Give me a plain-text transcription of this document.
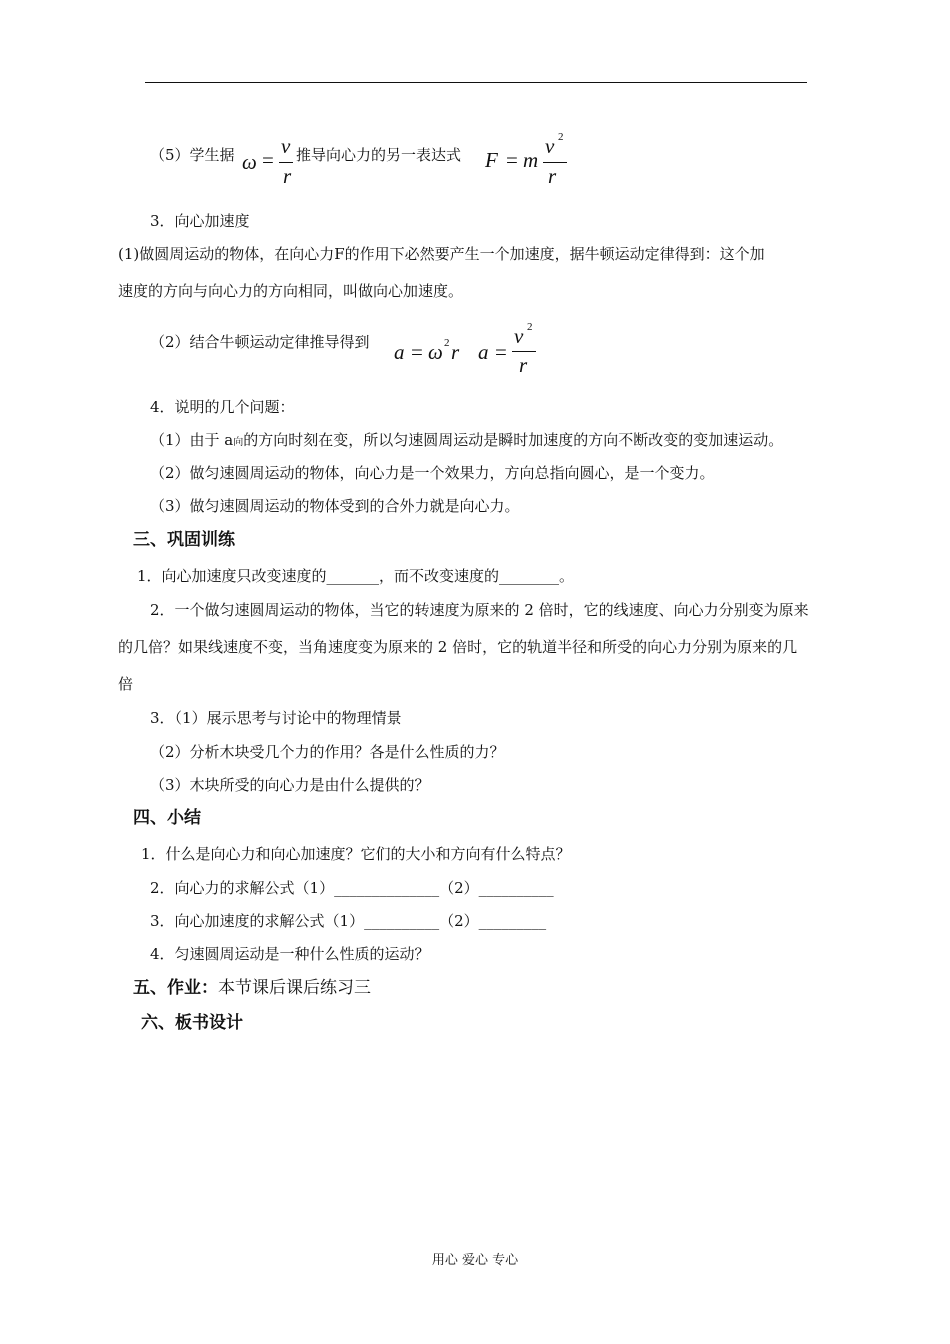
（5）学生据 ω =
v
r
推导向心力的另一表达式 F = m
v 2
r
3．向心加速度
(1)做圆周运动的物体，在向心力F的作用下必然要产生一个加速度，据牛顿运动定律得到：这个加
速度的方向与向心力的方向相同，叫做向心加速度。
（2）结合牛顿运动定律推导得到 a = ω 2 r a =
v 2
r
4．说明的几个问题：
（1）由于 a向的方向时刻在变，所以匀速圆周运动是瞬时加速度的方向不断改变的变加速运动。
（2）做匀速圆周运动的物体，向心力是一个效果力，方向总指向圆心，是一个变力。
（3）做匀速圆周运动的物体受到的合外力就是向心力。
三、巩固训练
1．向心加速度只改变速度的_______，而不改变速度的________。
2．一个做匀速圆周运动的物体，当它的转速度为原来的 2 倍时，它的线速度、向心力分别变为原来
的几倍？如果线速度不变，当角速度变为原来的 2 倍时，它的轨道半径和所受的向心力分别为原来的几
倍
3．（1）展示思考与讨论中的物理情景
（2）分析木块受几个力的作用？各是什么性质的力？
（3）木块所受的向心力是由什么提供的？
四、小结
1．什么是向心力和向心加速度？它们的大小和方向有什么特点？
2．向心力的求解公式（1）______________（2）__________
3．向心加速度的求解公式（1）__________（2）_________
4．匀速圆周运动是一种什么性质的运动？
五、作业：本节课后课后练习三
六、板书设计
用心 爱心 专心
